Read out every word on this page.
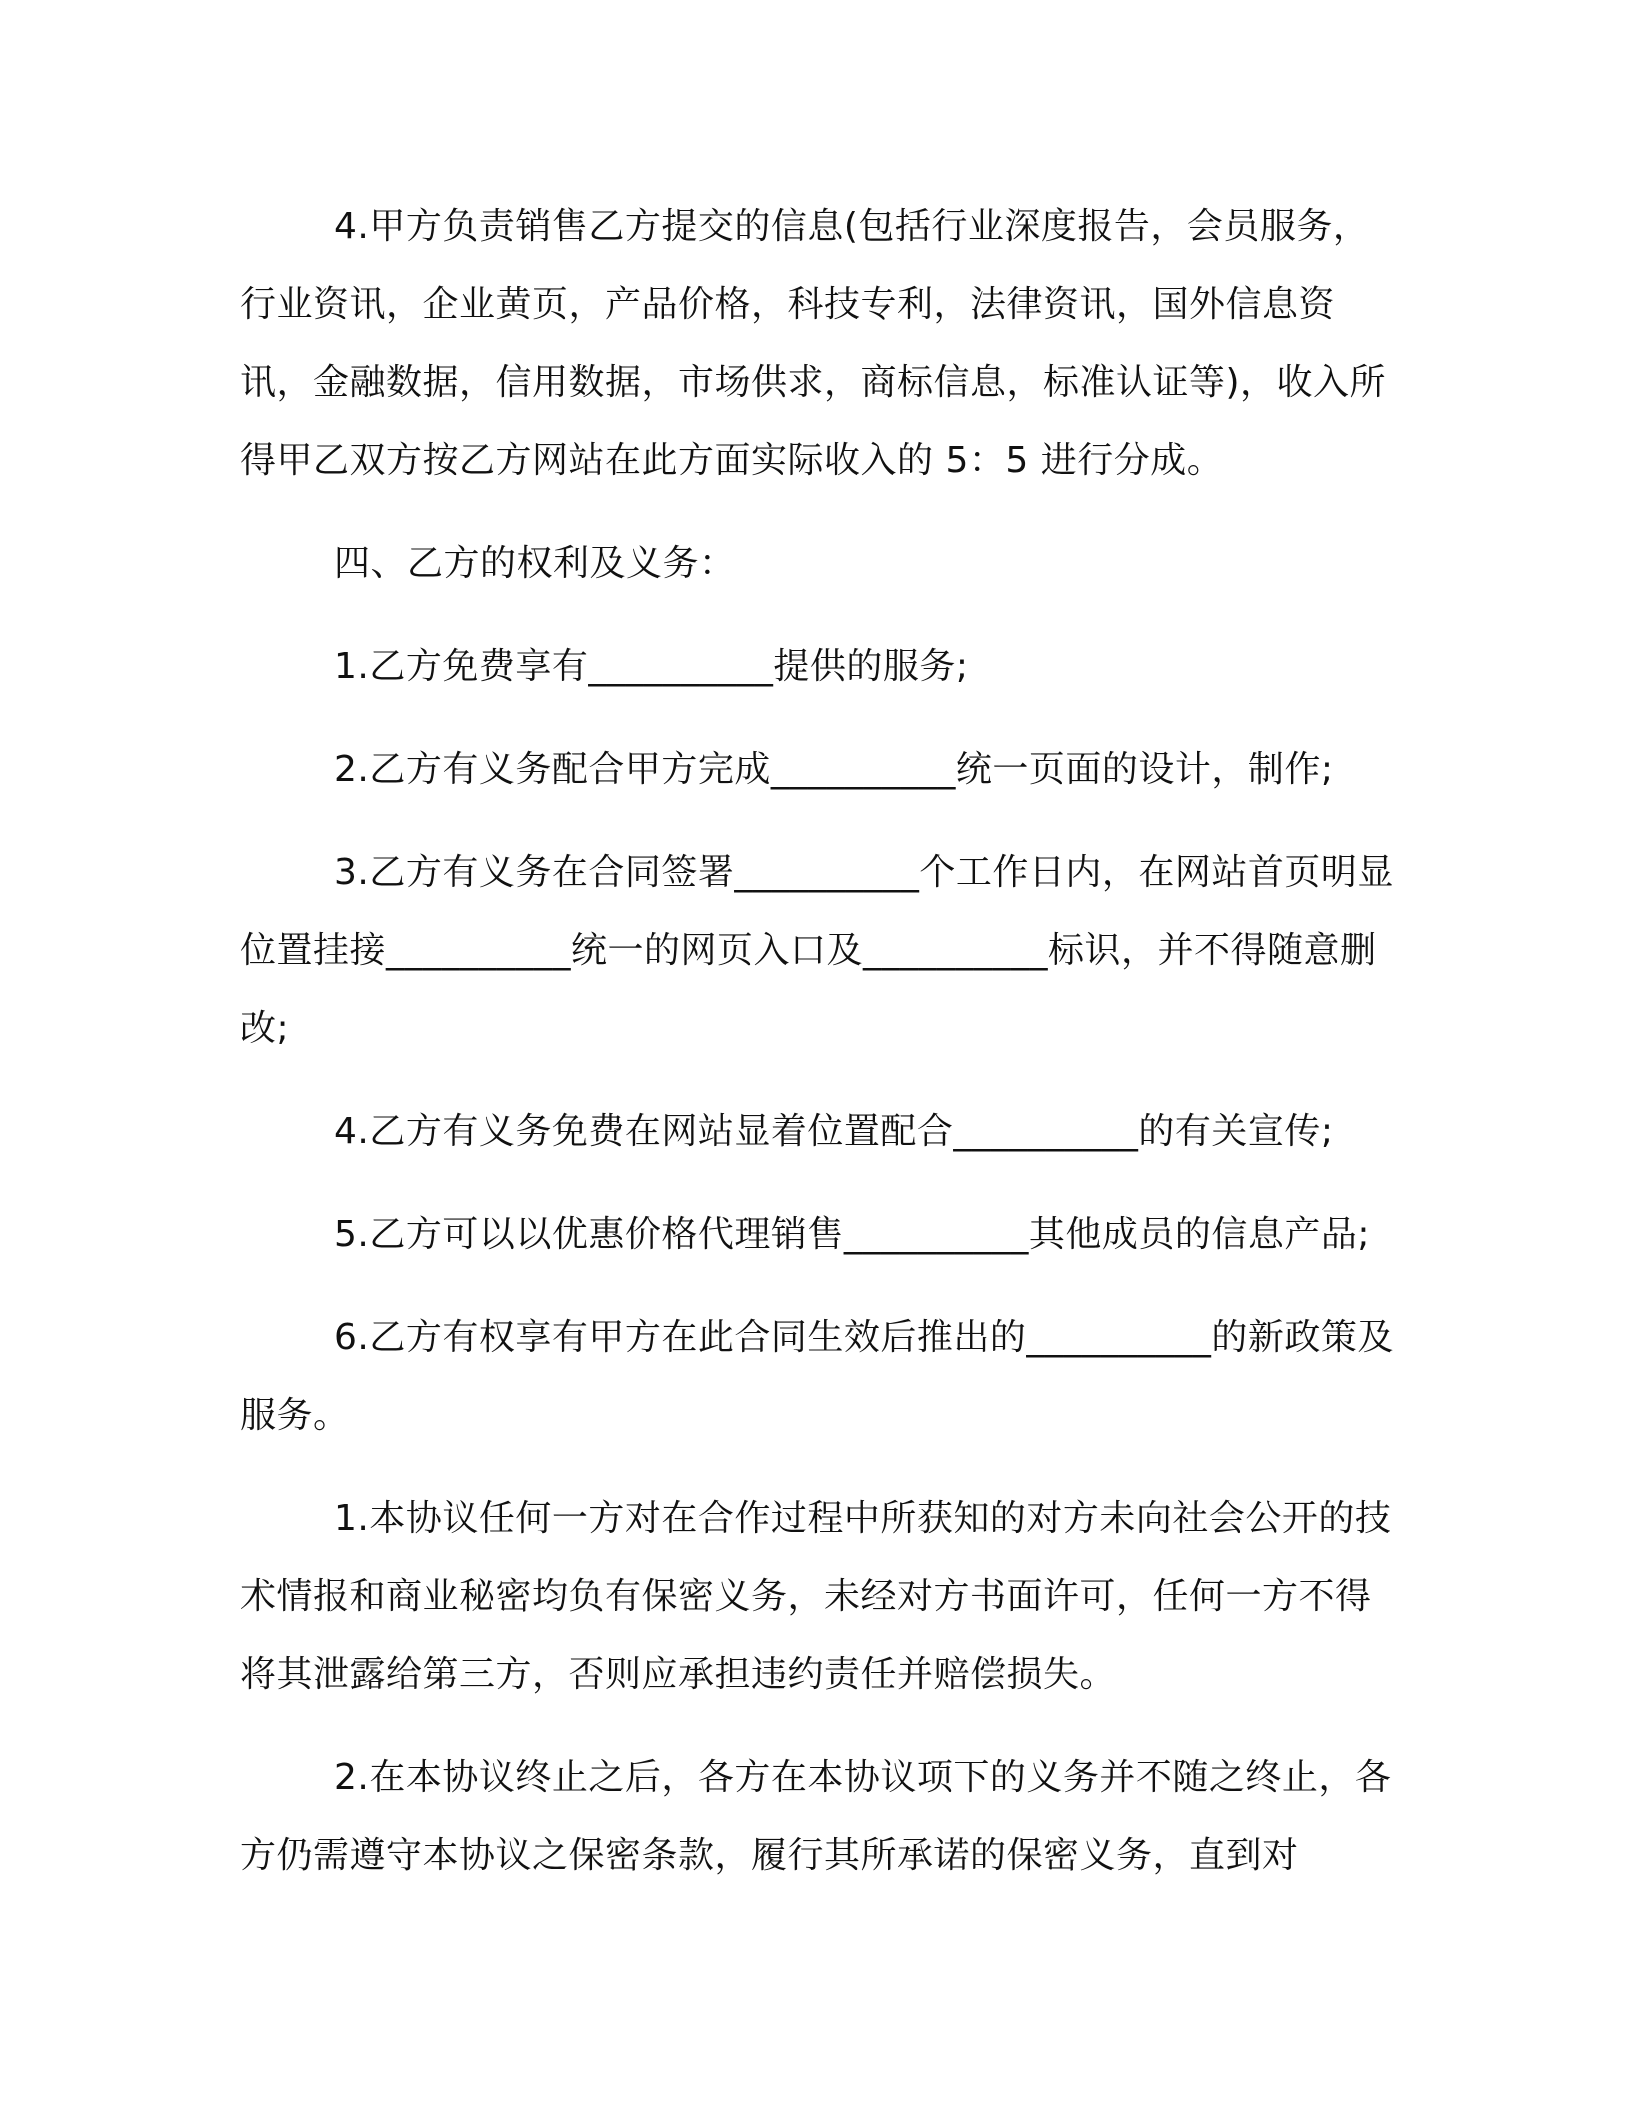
4.甲方负责销售乙方提交的信息(包括行业深度报告，会员服务，行业资讯，企业黄页，产品价格，科技专利，法律资讯，国外信息资讯，金融数据，信用数据，市场供求，商标信息，标准认证等)，收入所得甲乙双方按乙方网站在此方面实际收入的 5：5 进行分成。

四、乙方的权利及义务：

1.乙方免费享有__________提供的服务;

2.乙方有义务配合甲方完成__________统一页面的设计，制作;

3.乙方有义务在合同签署__________个工作日内，在网站首页明显位置挂接__________统一的网页入口及__________标识，并不得随意删改;

4.乙方有义务免费在网站显着位置配合__________的有关宣传;

5.乙方可以以优惠价格代理销售__________其他成员的信息产品;

6.乙方有权享有甲方在此合同生效后推出的__________的新政策及服务。

1.本协议任何一方对在合作过程中所获知的对方未向社会公开的技术情报和商业秘密均负有保密义务，未经对方书面许可，任何一方不得将其泄露给第三方，否则应承担违约责任并赔偿损失。

2.在本协议终止之后，各方在本协议项下的义务并不随之终止，各方仍需遵守本协议之保密条款，履行其所承诺的保密义务，直到对
